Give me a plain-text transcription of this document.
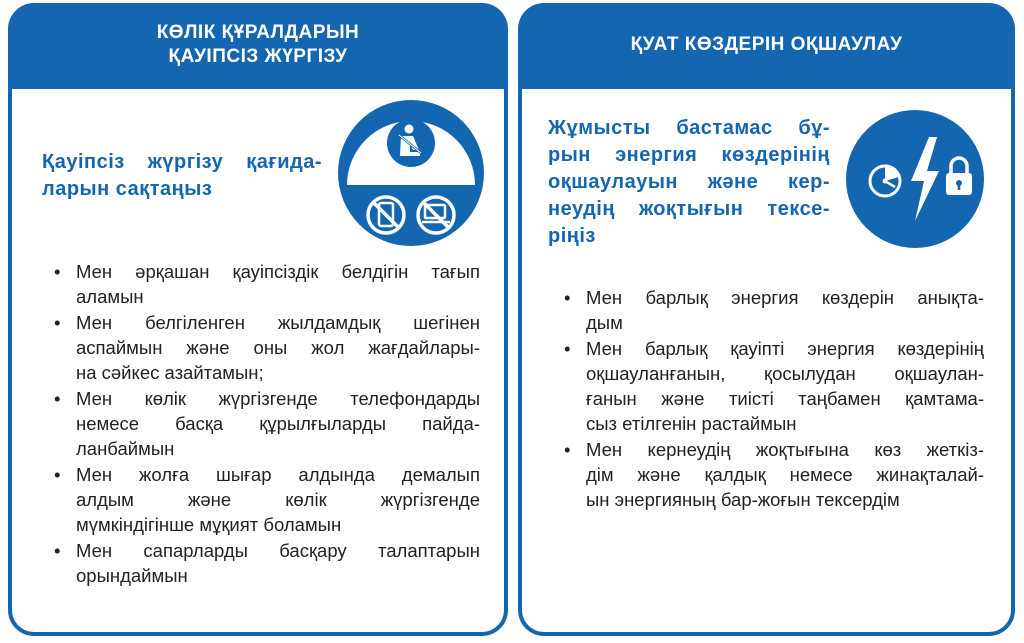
КӨЛІК ҚҰРАЛДАРЫН
ҚАУІПСІЗ ЖҮРГІЗУ
Қауіпсіз жүргізу қағида-
ларын сақтаңыз
• Мен әрқашан қауіпсіздік белдігін тағып
аламын
• Мен белгіленген жылдамдық шегінен
аспаймын және оны жол жағдайлары-
на сәйкес азайтамын;
• Мен көлік жүргізгенде телефондарды
немесе басқа құрылғыларды пайда-
ланбаймын
• Мен жолға шығар алдында демалып
алдым және көлік жүргізгенде
мүмкіндігінше мұқият боламын
• Мен сапарларды басқару талаптарын
орындаймын
ҚУАТ КӨЗДЕРІН ОҚШАУЛАУ
Жұмысты бастамас бұ-
рын энергия көздерінің
оқшаулауын және кер-
неудің жоқтығын тексе-
ріңіз
• Мен барлық энергия көздерін анықта-
дым
• Мен барлық қауіпті энергия көздерінің
оқшауланғанын, қосылудан оқшаулан-
ғанын және тиісті таңбамен қамтама-
сыз етілгенін растаймын
• Мен кернеудің жоқтығына көз жеткіз-
дім және қалдық немесе жинақталай-
ын энергияның бар-жоғын тексердім
